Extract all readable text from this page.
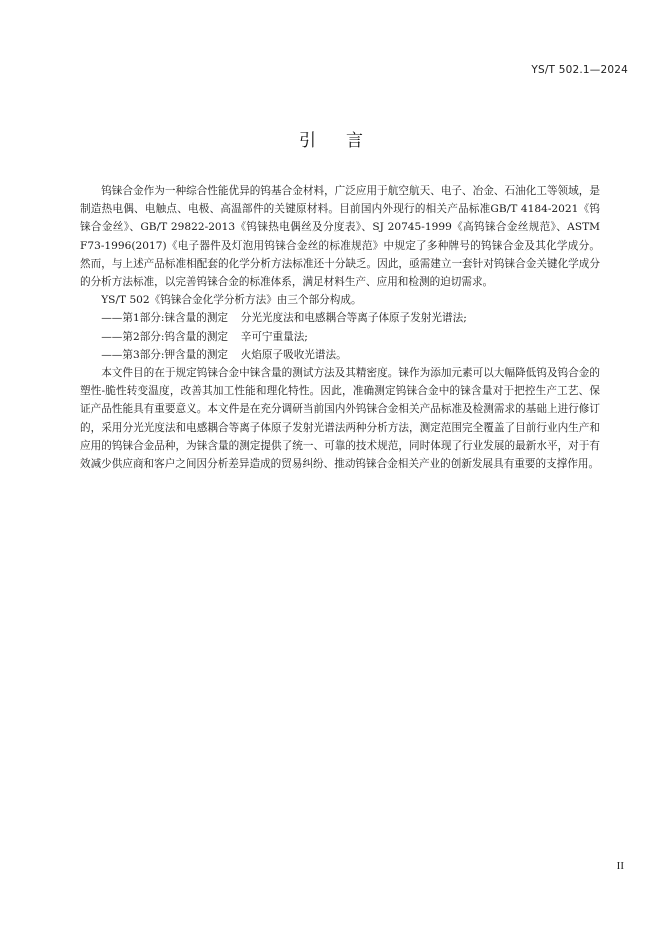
YS/T 502.1—2024
引言

钨铼合金作为一种综合性能优异的钨基合金材料，广泛应用于航空航天、电子、冶金、石油化工等领域，是制造热电偶、电触点、电极、高温部件的关键原材料。目前国内外现行的相关产品标准GB/T 4184-2021《钨铼合金丝》、GB/T 29822-2013《钨铼热电偶丝及分度表》、SJ 20745-1999《高钨铼合金丝规范》、ASTM F73-1996(2017)《电子器件及灯泡用钨铼合金丝的标准规范》中规定了多种牌号的钨铼合金及其化学成分。然而，与上述产品标准相配套的化学分析方法标准还十分缺乏。因此，亟需建立一套针对钨铼合金关键化学成分的分析方法标准，以完善钨铼合金的标准体系，满足材料生产、应用和检测的迫切需求。

YS/T 502《钨铼合金化学分析方法》由三个部分构成。

——第1部分:铼含量的测定 分光光度法和电感耦合等离子体原子发射光谱法;

——第2部分:钨含量的测定 辛可宁重量法;

——第3部分:钾含量的测定 火焰原子吸收光谱法。

本文件目的在于规定钨铼合金中铼含量的测试方法及其精密度。铼作为添加元素可以大幅降低钨及钨合金的塑性-脆性转变温度，改善其加工性能和理化特性。因此，准确测定钨铼合金中的铼含量对于把控生产工艺、保证产品性能具有重要意义。本文件是在充分调研当前国内外钨铼合金相关产品标准及检测需求的基础上进行修订的，采用分光光度法和电感耦合等离子体原子发射光谱法两种分析方法，测定范围完全覆盖了目前行业内生产和应用的钨铼合金品种，为铼含量的测定提供了统一、可靠的技术规范，同时体现了行业发展的最新水平，对于有效减少供应商和客户之间因分析差异造成的贸易纠纷、推动钨铼合金相关产业的创新发展具有重要的支撑作用。

II
